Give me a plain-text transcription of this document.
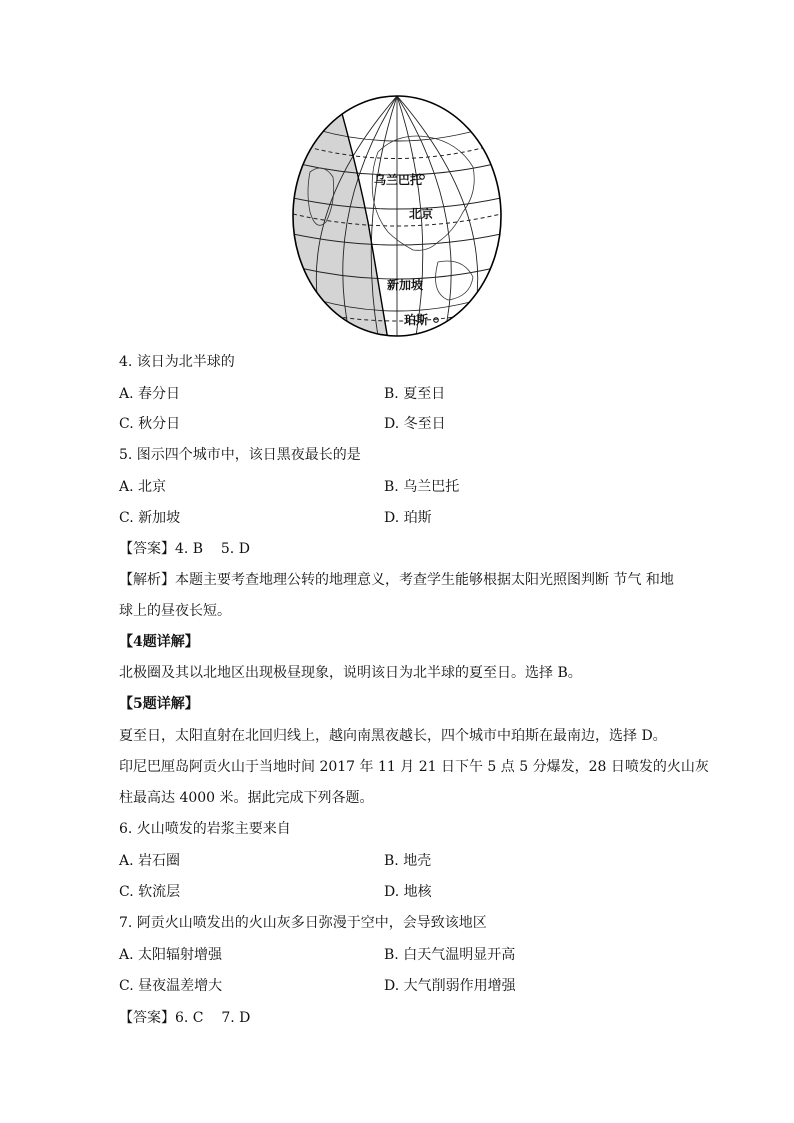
乌兰巴托
北京
新加坡
珀斯
4. 该日为北半球的
A. 春分日	B. 夏至日
C. 秋分日	D. 冬至日
5. 图示四个城市中，该日黑夜最长的是
A. 北京	B. 乌兰巴托
C. 新加坡	D. 珀斯
【答案】4. B    5. D
【解析】本题主要考查地理公转的地理意义，考查学生能够根据太阳光照图判断 节气 和地
球上的昼夜长短。
【4题详解】
北极圈及其以北地区出现极昼现象，说明该日为北半球的夏至日。选择 B。
【5题详解】
夏至日，太阳直射在北回归线上，越向南黑夜越长，四个城市中珀斯在最南边，选择 D。
印尼巴厘岛阿贡火山于当地时间 2017 年 11 月 21 日下午 5 点 5 分爆发，28 日喷发的火山灰
柱最高达 4000 米。据此完成下列各题。
6. 火山喷发的岩浆主要来自
A. 岩石圈	B. 地壳
C. 软流层	D. 地核
7. 阿贡火山喷发出的火山灰多日弥漫于空中，会导致该地区
A. 太阳辐射增强	B. 白天气温明显开高
C. 昼夜温差增大	D. 大气削弱作用增强
【答案】6. C    7. D
